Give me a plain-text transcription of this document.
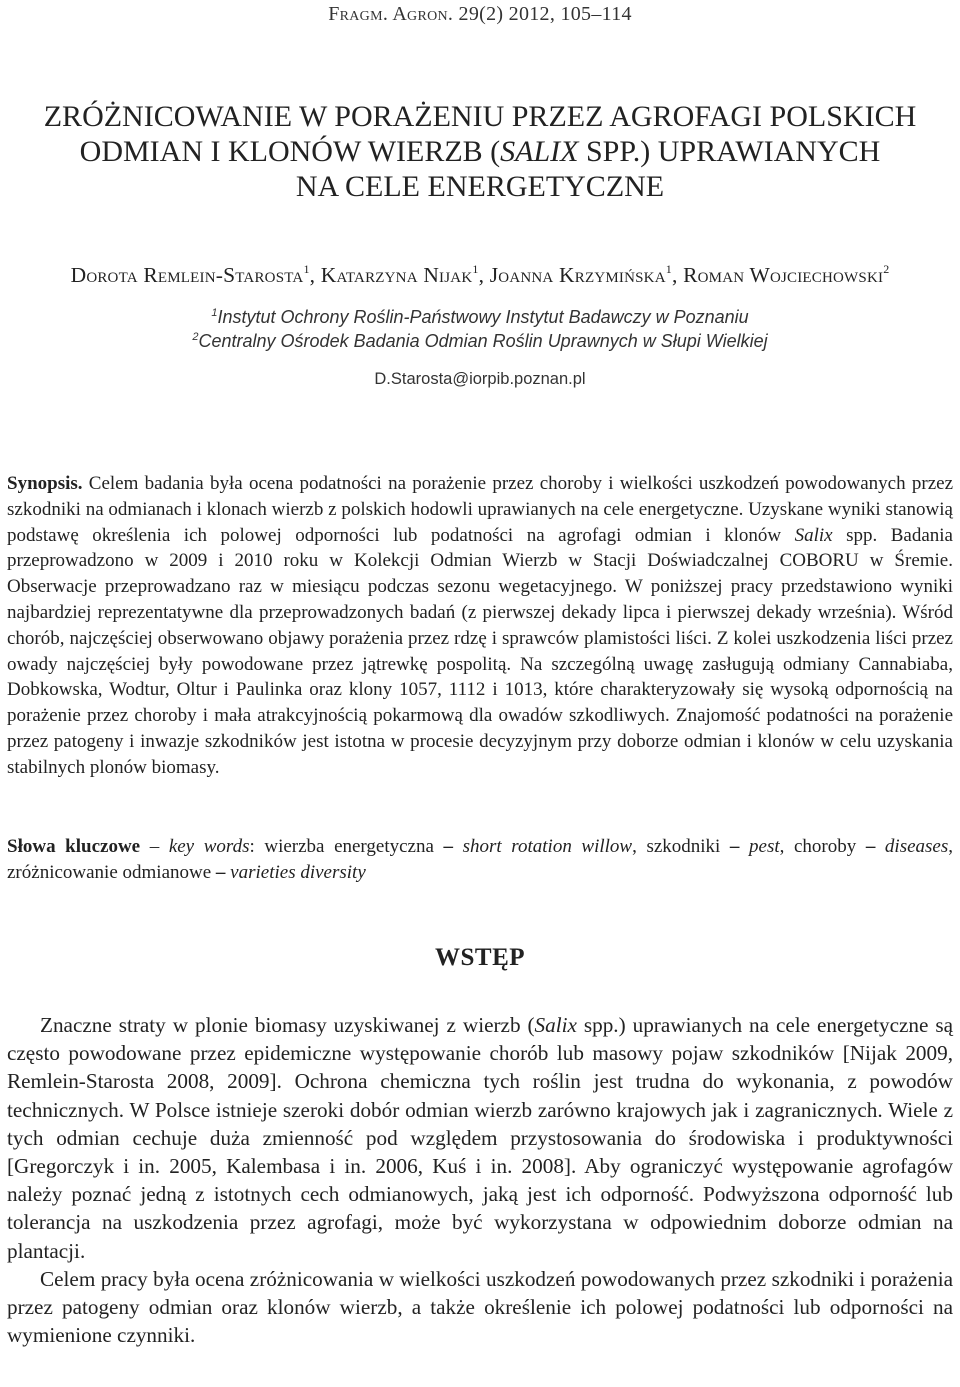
Fragm. Agron. 29(2) 2012, 105–114
ZRÓŻNICOWANIE W PORAŻENIU PRZEZ AGROFAGI POLSKICH
ODMIAN I KLONÓW WIERZB (SALIX SPP.) UPRAWIANYCH
NA CELE ENERGETYCZNE
Dorota Remlein-Starosta$^1$, Katarzyna Nijak$^1$, Joanna Krzymińska$^1$, Roman Wojciechowski$^2$
$^1$Instytut Ochrony Roślin-Państwowy Instytut Badawczy w Poznaniu
$^2$Centralny Ośrodek Badania Odmian Roślin Uprawnych w Słupi Wielkiej
D.Starosta@iorpib.poznan.pl
Synopsis. Celem badania była ocena podatności na porażenie przez choroby i wielkości uszkodzeń powodowanych przez szkodniki na odmianach i klonach wierzb z polskich hodowli uprawianych na cele energetyczne. Uzyskane wyniki stanowią podstawę określenia ich polowej odporności lub podatności na agrofagi odmian i klonów Salix spp. Badania przeprowadzono w 2009 i 2010 roku w Kolekcji Odmian Wierzb w Stacji Doświadczalnej COBORU w Śremie. Obserwacje przeprowadzano raz w miesiącu podczas sezonu wegetacyjnego. W poniższej pracy przedstawiono wyniki najbardziej reprezentatywne dla przeprowadzonych badań (z pierwszej dekady lipca i pierwszej dekady września). Wśród chorób, najczęściej obserwowano objawy porażenia przez rdzę i sprawców plamistości liści. Z kolei uszkodzenia liści przez owady najczęściej były powodowane przez jątrewkę pospolitą. Na szczególną uwagę zasługują odmiany Cannabiaba, Dobkowska, Wodtur, Oltur i Paulinka oraz klony 1057, 1112 i 1013, które charakteryzowały się wysoką odpornością na porażenie przez choroby i mała atrakcyjnością pokarmową dla owadów szkodliwych. Znajomość podatności na porażenie przez patogeny i inwazje szkodników jest istotna w procesie decyzyjnym przy doborze odmian i klonów w celu uzyskania stabilnych plonów biomasy.
Słowa kluczowe – key words: wierzba energetyczna – short rotation willow, szkodniki – pest, choroby – diseases, zróżnicowanie odmianowe – varieties diversity
WSTĘP

Znaczne straty w plonie biomasy uzyskiwanej z wierzb (Salix spp.) uprawianych na cele energetyczne są często powodowane przez epidemiczne występowanie chorób lub masowy pojaw szkodników [Nijak 2009, Remlein-Starosta 2008, 2009]. Ochrona chemiczna tych roślin jest trudna do wykonania, z powodów technicznych. W Polsce istnieje szeroki dobór odmian wierzb zarówno krajowych jak i zagranicznych. Wiele z tych odmian cechuje duża zmienność pod względem przystosowania do środowiska i produktywności [Gregorczyk i in. 2005, Kalembasa i in. 2006, Kuś i in. 2008]. Aby ograniczyć występowanie agrofagów należy poznać jedną z istotnych cech odmianowych, jaką jest ich odporność. Podwyższona odporność lub tolerancja na uszkodzenia przez agrofagi, może być wykorzystana w odpowiednim doborze odmian na plantacji.

Celem pracy była ocena zróżnicowania w wielkości uszkodzeń powodowanych przez szkodniki i porażenia przez patogeny odmian oraz klonów wierzb, a także określenie ich polowej podatności lub odporności na wymienione czynniki.
